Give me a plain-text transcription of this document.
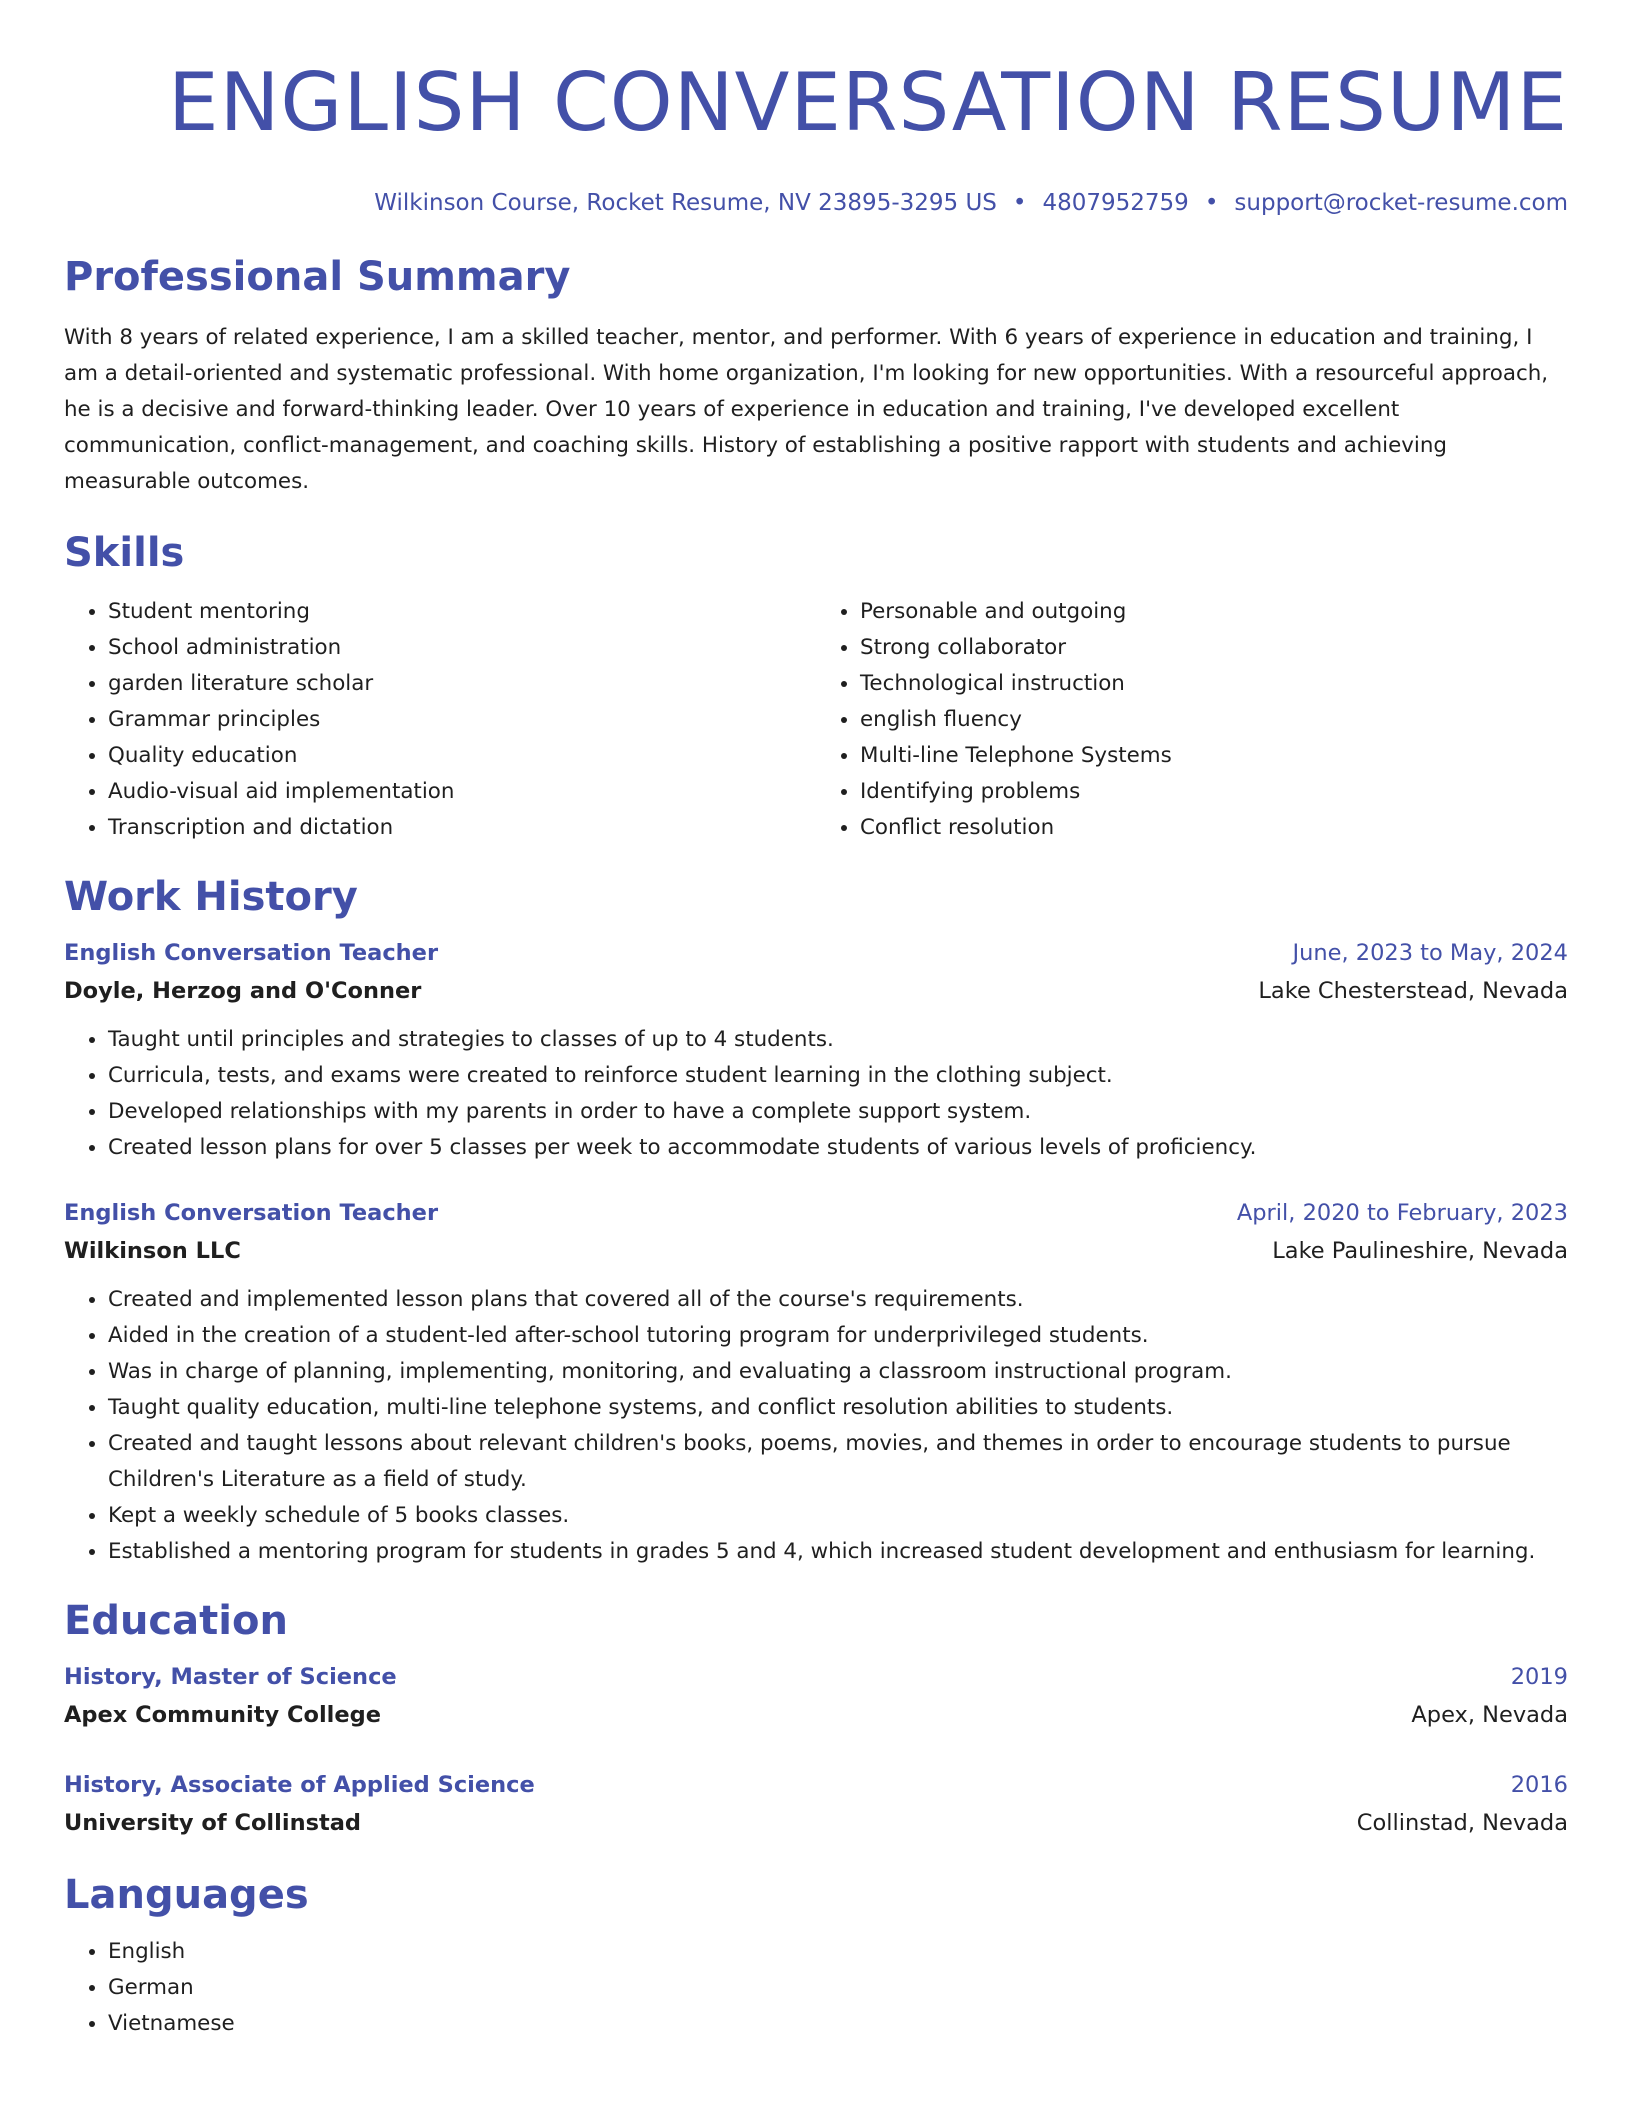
ENGLISH CONVERSATION RESUME
Wilkinson Course, Rocket Resume, NV 23895-3295 US • 4807952759 • support@rocket-resume.com
Professional Summary
With 8 years of related experience, I am a skilled teacher, mentor, and performer. With 6 years of experience in education and training, I am a detail-oriented and systematic professional. With home organization, I'm looking for new opportunities. With a resourceful approach, he is a decisive and forward-thinking leader. Over 10 years of experience in education and training, I've developed excellent communication, conflict-management, and coaching skills. History of establishing a positive rapport with students and achieving measurable outcomes.
Skills
• Student mentoring
• School administration
• garden literature scholar
• Grammar principles
• Quality education
• Audio-visual aid implementation
• Transcription and dictation
• Personable and outgoing
• Strong collaborator
• Technological instruction
• english fluency
• Multi-line Telephone Systems
• Identifying problems
• Conflict resolution
Work History
English Conversation Teacher	June, 2023 to May, 2024
Doyle, Herzog and O'Conner	Lake Chesterstead, Nevada
• Taught until principles and strategies to classes of up to 4 students.
• Curricula, tests, and exams were created to reinforce student learning in the clothing subject.
• Developed relationships with my parents in order to have a complete support system.
• Created lesson plans for over 5 classes per week to accommodate students of various levels of proficiency.
English Conversation Teacher	April, 2020 to February, 2023
Wilkinson LLC	Lake Paulineshire, Nevada
• Created and implemented lesson plans that covered all of the course's requirements.
• Aided in the creation of a student-led after-school tutoring program for underprivileged students.
• Was in charge of planning, implementing, monitoring, and evaluating a classroom instructional program.
• Taught quality education, multi-line telephone systems, and conflict resolution abilities to students.
• Created and taught lessons about relevant children's books, poems, movies, and themes in order to encourage students to pursue Children's Literature as a field of study.
• Kept a weekly schedule of 5 books classes.
• Established a mentoring program for students in grades 5 and 4, which increased student development and enthusiasm for learning.
Education
History, Master of Science	2019
Apex Community College	Apex, Nevada
History, Associate of Applied Science	2016
University of Collinstad	Collinstad, Nevada
Languages
• English
• German
• Vietnamese
